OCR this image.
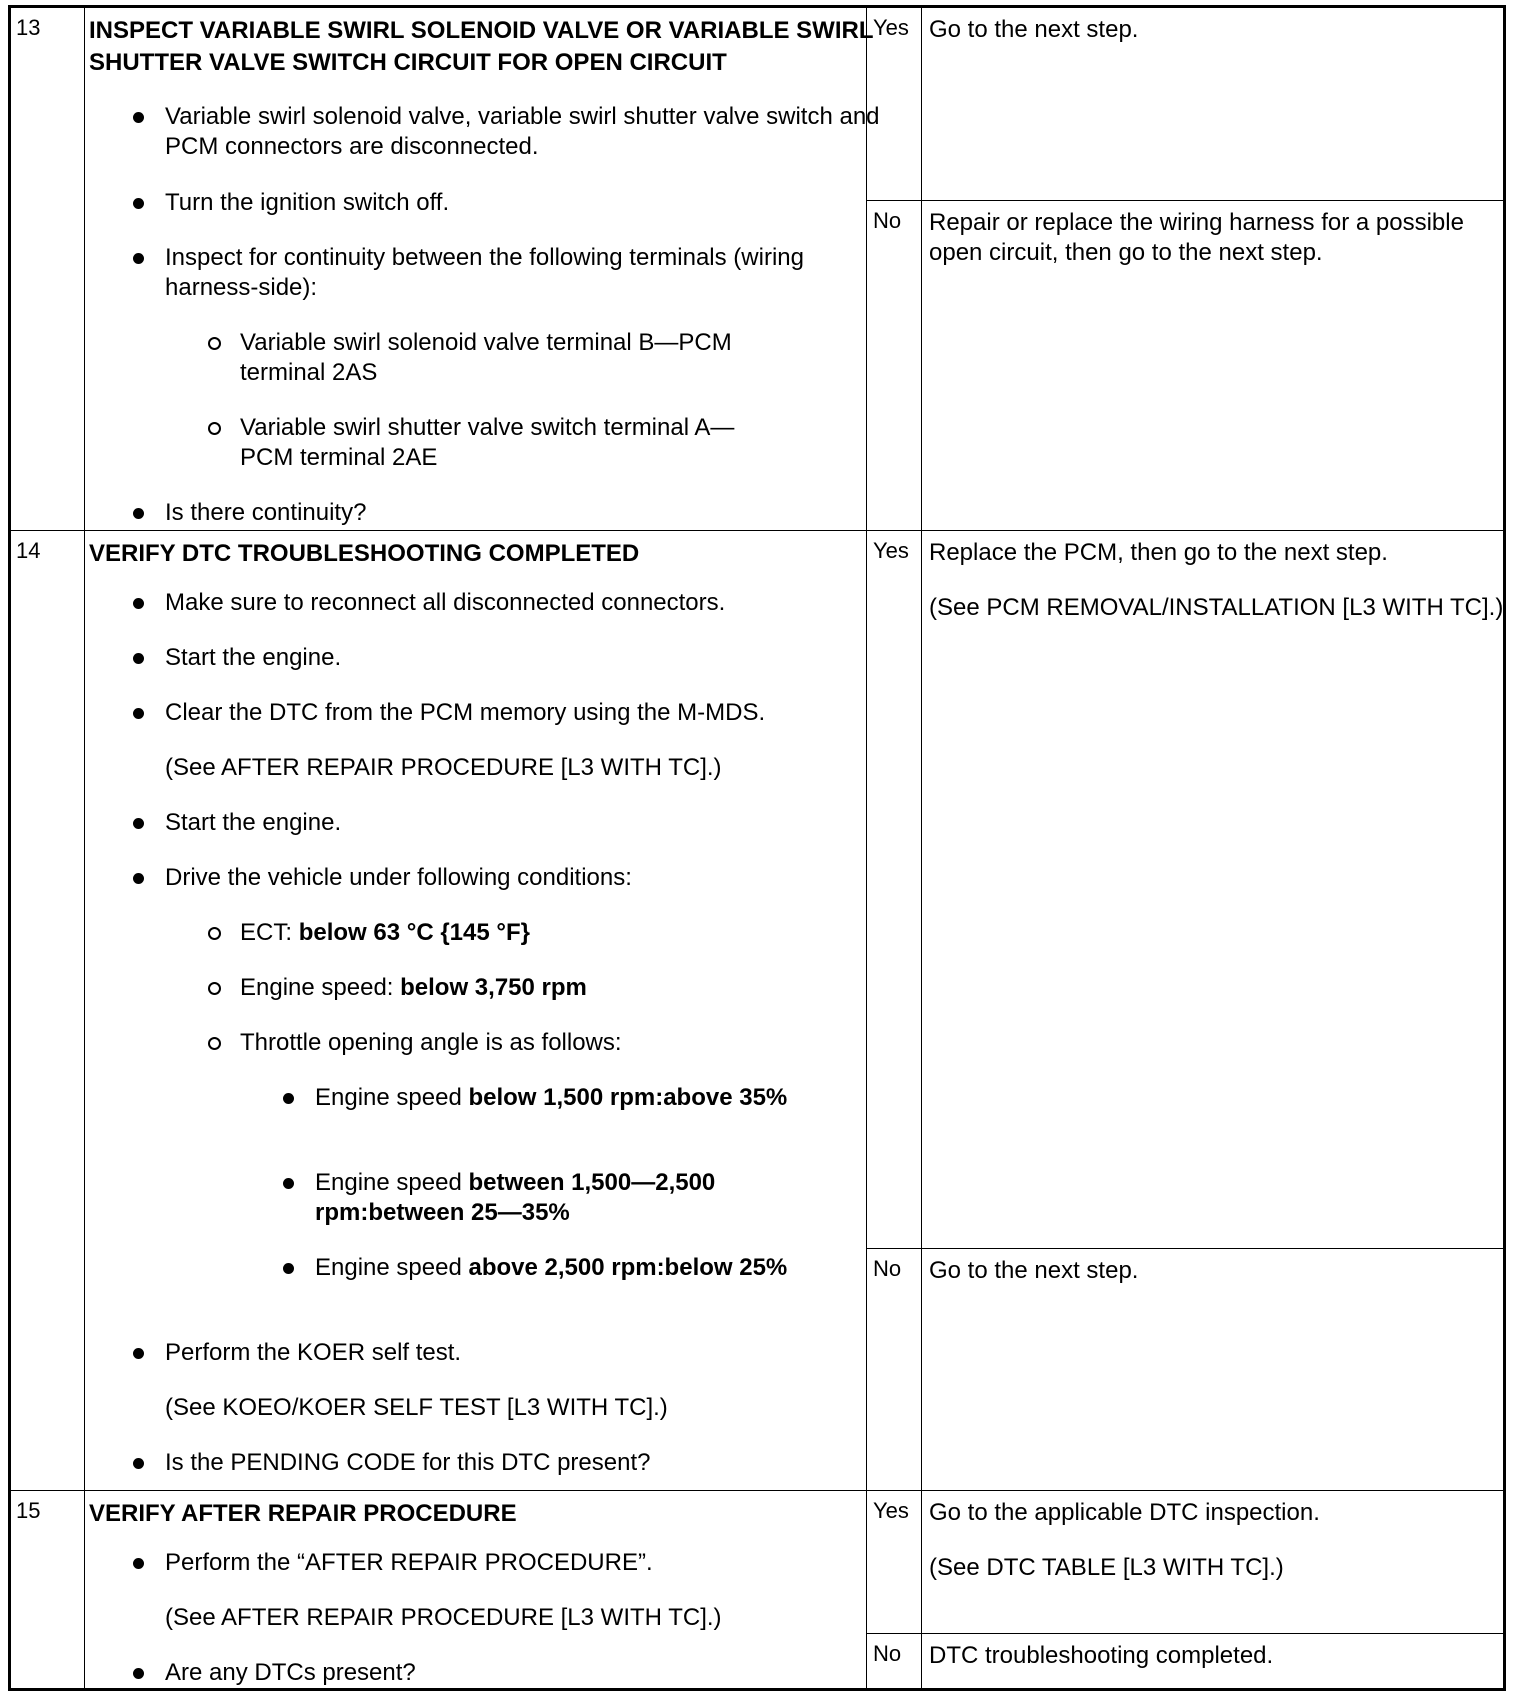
13 INSPECT VARIABLE SWIRL SOLENOID VALVE OR VARIABLE SWIRL SHUTTER VALVE SWITCH CIRCUIT FOR OPEN CIRCUIT
Variable swirl solenoid valve, variable swirl shutter valve switch and PCM connectors are disconnected.
Turn the ignition switch off.
Inspect for continuity between the following terminals (wiring harness-side):
Variable swirl solenoid valve terminal B—PCM terminal 2AS
Variable swirl shutter valve switch terminal A—PCM terminal 2AE
Is there continuity?
Yes Go to the next step.
No Repair or replace the wiring harness for a possible open circuit, then go to the next step.
14 VERIFY DTC TROUBLESHOOTING COMPLETED
Make sure to reconnect all disconnected connectors.
Start the engine.
Clear the DTC from the PCM memory using the M-MDS.
(See AFTER REPAIR PROCEDURE [L3 WITH TC].)
Start the engine.
Drive the vehicle under following conditions:
ECT: below 63 °C {145 °F}
Engine speed: below 3,750 rpm
Throttle opening angle is as follows:
Engine speed below 1,500 rpm:above 35%
Engine speed between 1,500—2,500 rpm:between 25—35%
Engine speed above 2,500 rpm:below 25%
Perform the KOER self test.
(See KOEO/KOER SELF TEST [L3 WITH TC].)
Is the PENDING CODE for this DTC present?
Yes Replace the PCM, then go to the next step.
(See PCM REMOVAL/INSTALLATION [L3 WITH TC].)
No Go to the next step.
15 VERIFY AFTER REPAIR PROCEDURE
Perform the “AFTER REPAIR PROCEDURE”.
(See AFTER REPAIR PROCEDURE [L3 WITH TC].)
Are any DTCs present?
Yes Go to the applicable DTC inspection.
(See DTC TABLE [L3 WITH TC].)
No DTC troubleshooting completed.
